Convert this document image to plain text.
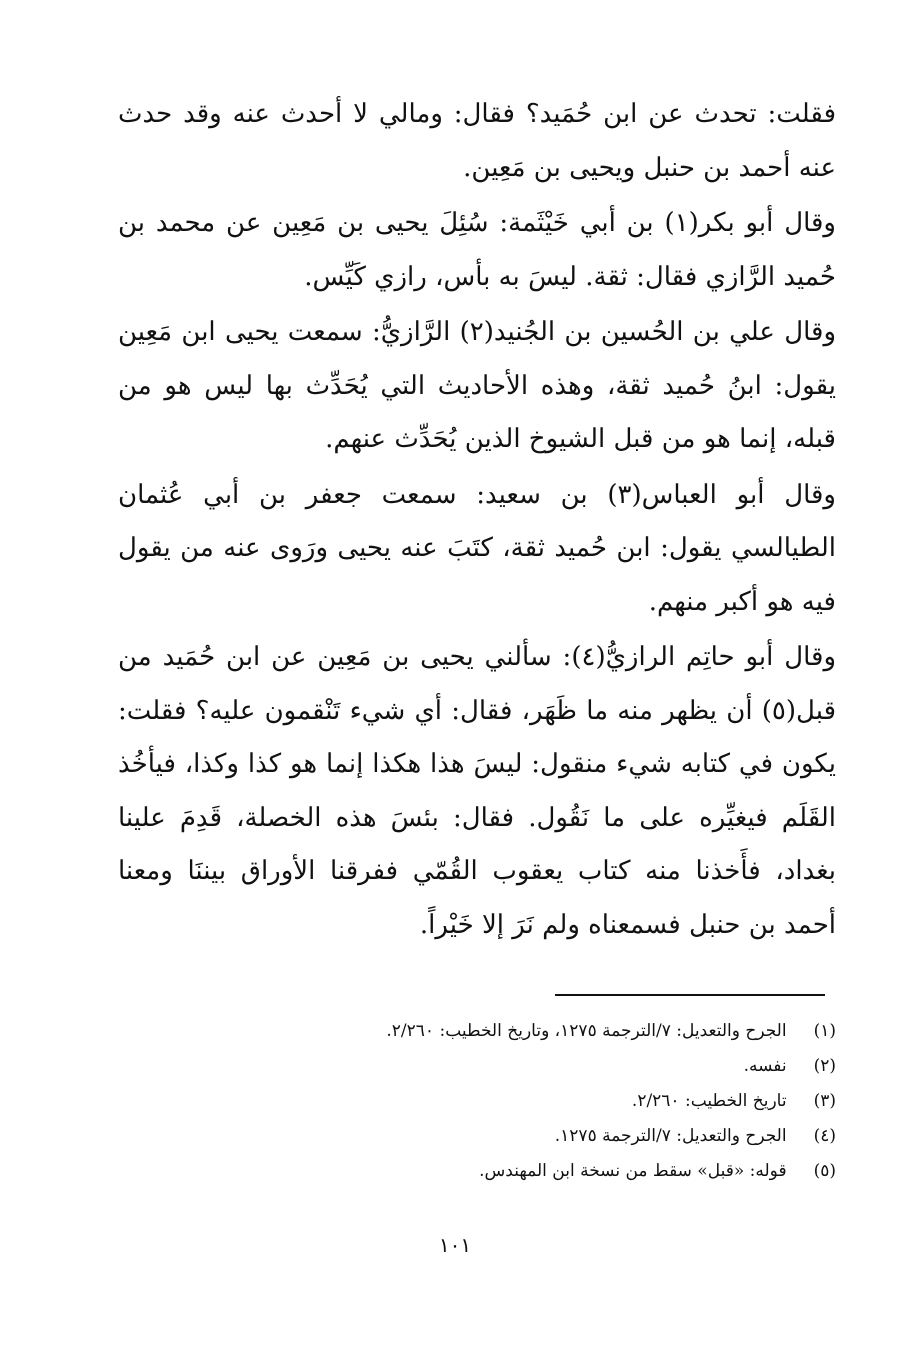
فقلت: تحدث عن ابن حُمَيد؟ فقال: ومالي لا أحدث عنه وقد حدث عنه أحمد بن حنبل ويحيى بن مَعِين.

وقال أبو بكر(١) بن أبي خَيْثَمة: سُئِلَ يحيى بن مَعِين عن محمد بن حُميد الرَّازي فقال: ثقة. ليسَ به بأس، رازي كَيِّس.

وقال علي بن الحُسين بن الجُنيد(٢) الرَّازيُّ: سمعت يحيى ابن مَعِين يقول: ابنُ حُميد ثقة، وهذه الأحاديث التي يُحَدِّث بها ليس هو من قبله، إنما هو من قبل الشيوخ الذين يُحَدِّث عنهم.

وقال أبو العباس(٣) بن سعيد: سمعت جعفر بن أبي عُثمان الطيالسي يقول: ابن حُميد ثقة، كتَبَ عنه يحيى ورَوى عنه من يقول فيه هو أكبر منهم.

وقال أبو حاتِم الرازيُّ(٤): سألني يحيى بن مَعِين عن ابن حُمَيد من قبل(٥) أن يظهر منه ما ظَهَر، فقال: أي شيء تَنْقمون عليه؟ فقلت: يكون في كتابه شيء منقول: ليسَ هذا هكذا إنما هو كذا وكذا، فيأخُذ القَلَم فيغيِّره على ما نَقُول. فقال: بئسَ هذه الخصلة، قَدِمَ علينا بغداد، فأَخذنا منه كتاب يعقوب القُمّي ففرقنا الأوراق بيننَا ومعنا أحمد بن حنبل فسمعناه ولم نَرَ إلا خَيْراً.

(١) الجرح والتعديل: ٧/الترجمة ١٢٧٥، وتاريخ الخطيب: ٢/٢٦٠.
(٢) نفسه.
(٣) تاريخ الخطيب: ٢/٢٦٠.
(٤) الجرح والتعديل: ٧/الترجمة ١٢٧٥.
(٥) قوله: «قبل» سقط من نسخة ابن المهندس.
١٠١
